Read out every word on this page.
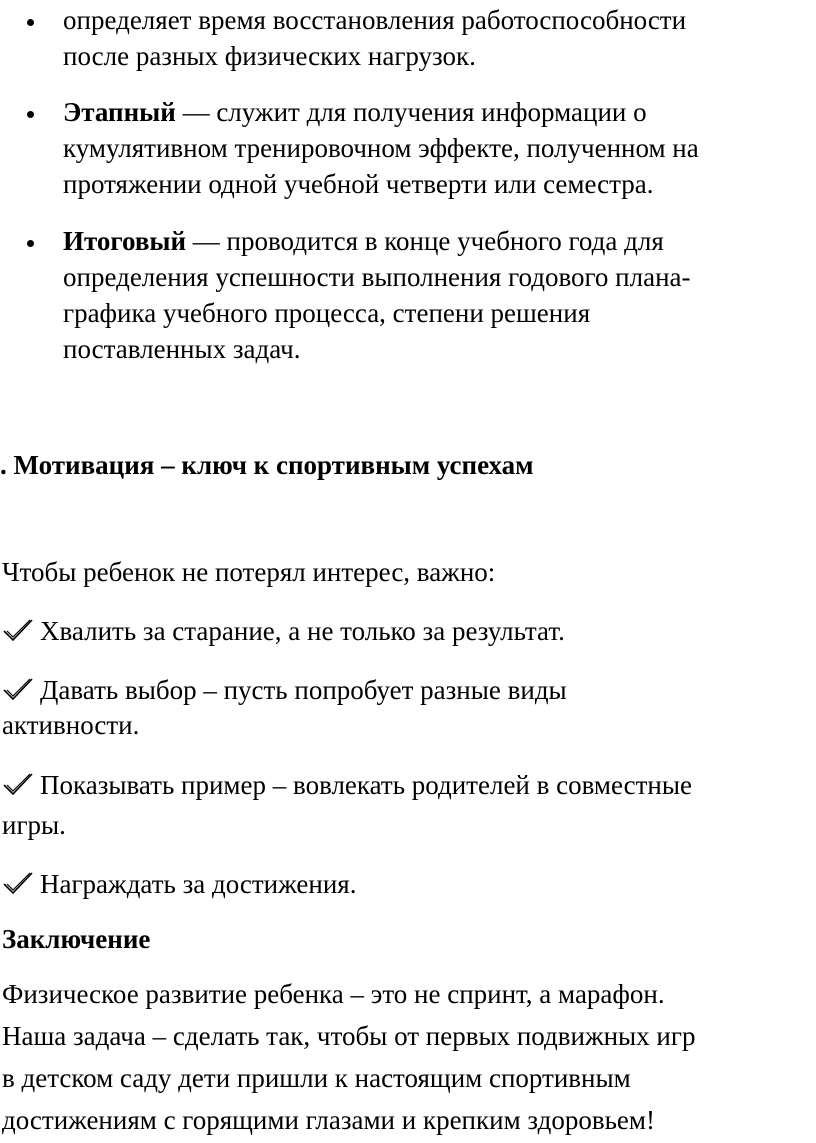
определяет время восстановления работоспособности
после разных физических нагрузок.
Этапный — служит для получения информации о
кумулятивном тренировочном эффекте, полученном на
протяжении одной учебной четверти или семестра.
Итоговый — проводится в конце учебного года для
определения успешности выполнения годового плана-
графика учебного процесса, степени решения
поставленных задач.
. Мотивация – ключ к спортивным успехам
Чтобы ребенок не потерял интерес, важно:
Хвалить за старание, а не только за результат.
Давать выбор – пусть попробует разные виды
активности.
Показывать пример – вовлекать родителей в совместные
игры.
Награждать за достижения.
Заключение
Физическое развитие ребенка – это не спринт, а марафон.
Наша задача – сделать так, чтобы от первых подвижных игр
в детском саду дети пришли к настоящим спортивным
достижениям с горящими глазами и крепким здоровьем!
